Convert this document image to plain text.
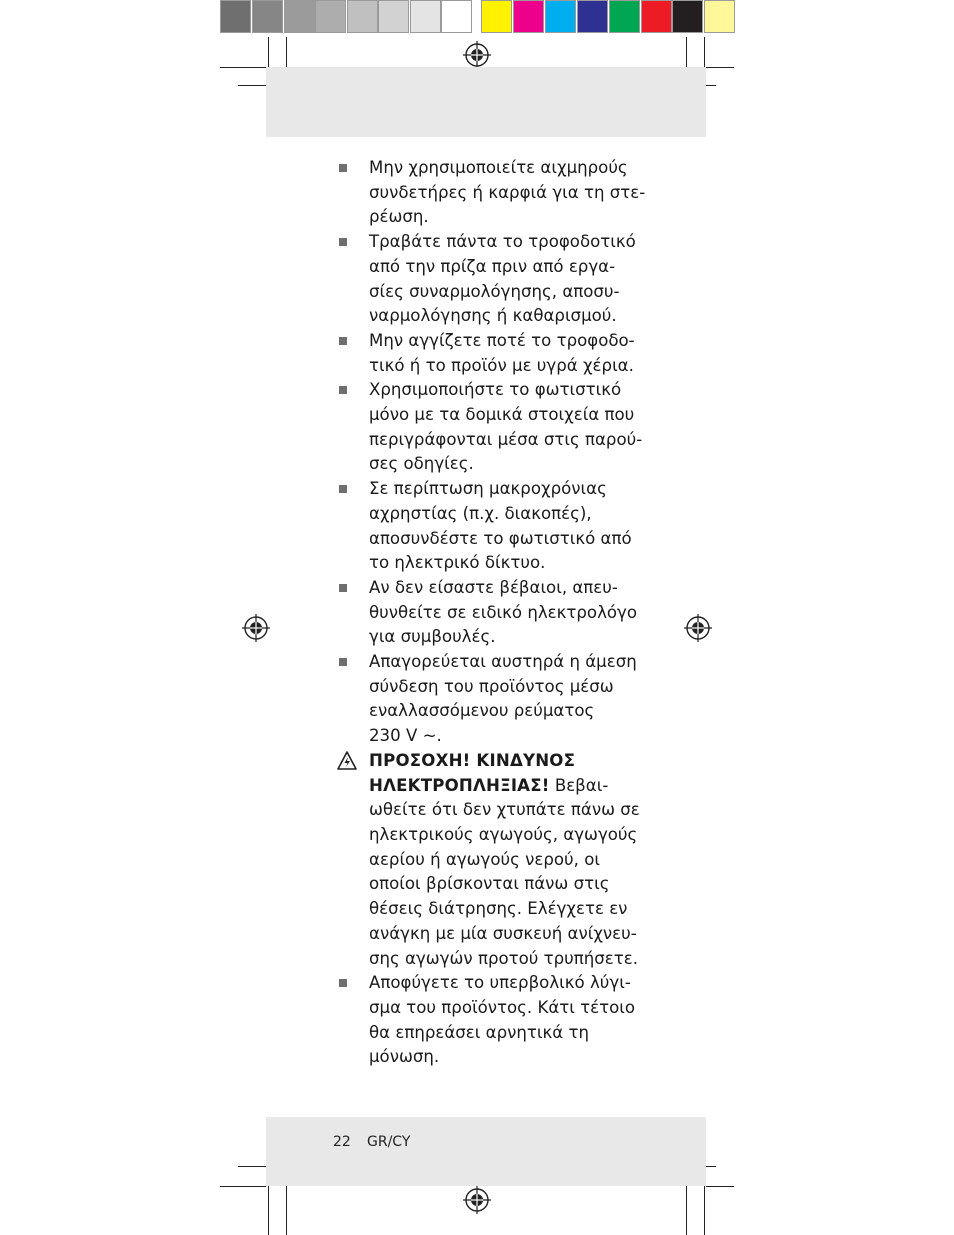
Μην χρησιμοποιείτε αιχμηρούς
συνδετήρες ή καρφιά για τη στε-
ρέωση.
Τραβάτε πάντα το τροφοδοτικό
από την πρίζα πριν από εργα-
σίες συναρμολόγησης, αποσυ-
ναρμολόγησης ή καθαρισμού.
Μην αγγίζετε ποτέ το τροφοδο-
τικό ή το προϊόν με υγρά χέρια.
Χρησιμοποιήστε το φωτιστικό
μόνο με τα δομικά στοιχεία που
περιγράφονται μέσα στις παρού-
σες οδηγίες.
Σε περίπτωση μακροχρόνιας
αχρηστίας (π.χ. διακοπές),
αποσυνδέστε το φωτιστικό από
το ηλεκτρικό δίκτυο.
Αν δεν είσαστε βέβαιοι, απευ-
θυνθείτε σε ειδικό ηλεκτρολόγο
για συμβουλές.
Απαγορεύεται αυστηρά η άμεση
σύνδεση του προϊόντος μέσω
εναλλασσόμενου ρεύματος
230 V ~.
ΠΡΟΣΟΧΗ! ΚΙΝΔΥΝΟΣ
ΗΛΕΚΤΡΟΠΛΗΞΙΑΣ! Βεβαι-
ωθείτε ότι δεν χτυπάτε πάνω σε
ηλεκτρικούς αγωγούς, αγωγούς
αερίου ή αγωγούς νερού, οι
οποίοι βρίσκονται πάνω στις
θέσεις διάτρησης. Ελέγχετε εν
ανάγκη με μία συσκευή ανίχνευ-
σης αγωγών προτού τρυπήσετε.
Αποφύγετε το υπερβολικό λύγι-
σμα του προϊόντος. Κάτι τέτοιο
θα επηρεάσει αρνητικά τη
μόνωση.
22 GR/CY
